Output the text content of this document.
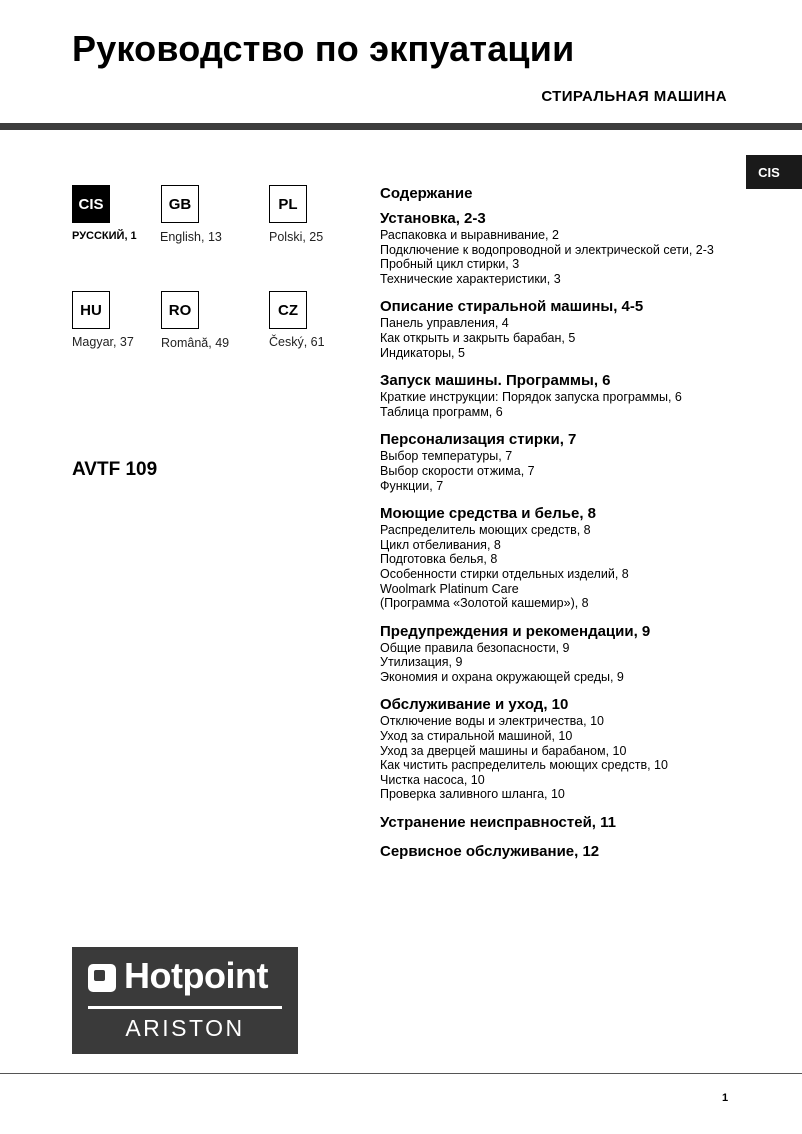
Руководство по экпуатации
СТИРАЛЬНАЯ МАШИНА
CIS
CIS
РУССКИЙ, 1
GB
English, 13
PL
Polski, 25
HU
Magyar, 37
RO
Română, 49
CZ
Český, 61
AVTF 109
Содержание
Установка, 2-3
Распаковка и выравнивание, 2
Подключение к водопроводной и электрической сети, 2-3
Пробный цикл стирки, 3
Технические характеристики, 3
Описание стиральной машины, 4-5
Панель управления, 4
Как открыть и закрыть барабан, 5
Индикаторы, 5
Запуск машины. Программы, 6
Краткие инструкции: Порядок запуска программы, 6
Таблица программ, 6
Персонализация стирки, 7
Выбор температуры, 7
Выбор скорости отжима, 7
Функции, 7
Моющие средства и белье, 8
Распределитель моющих средств, 8
Цикл отбеливания, 8
Подготовка белья, 8
Особенности стирки отдельных изделий, 8
Woolmark Platinum Care
(Программа «Золотой кашемир»), 8
Предупреждения и рекомендации, 9
Общие правила безопасности, 9
Утилизация, 9
Экономия и охрана окружающей среды, 9
Обслуживание и уход, 10
Отключение воды и электричества, 10
Уход за стиральной машиной, 10
Уход за дверцей машины и барабаном, 10
Как чистить распределитель моющих средств, 10
Чистка насоса, 10
Проверка заливного шланга, 10
Устранение неисправностей, 11
Сервисное обслуживание, 12
Hotpoint
ARISTON
1
